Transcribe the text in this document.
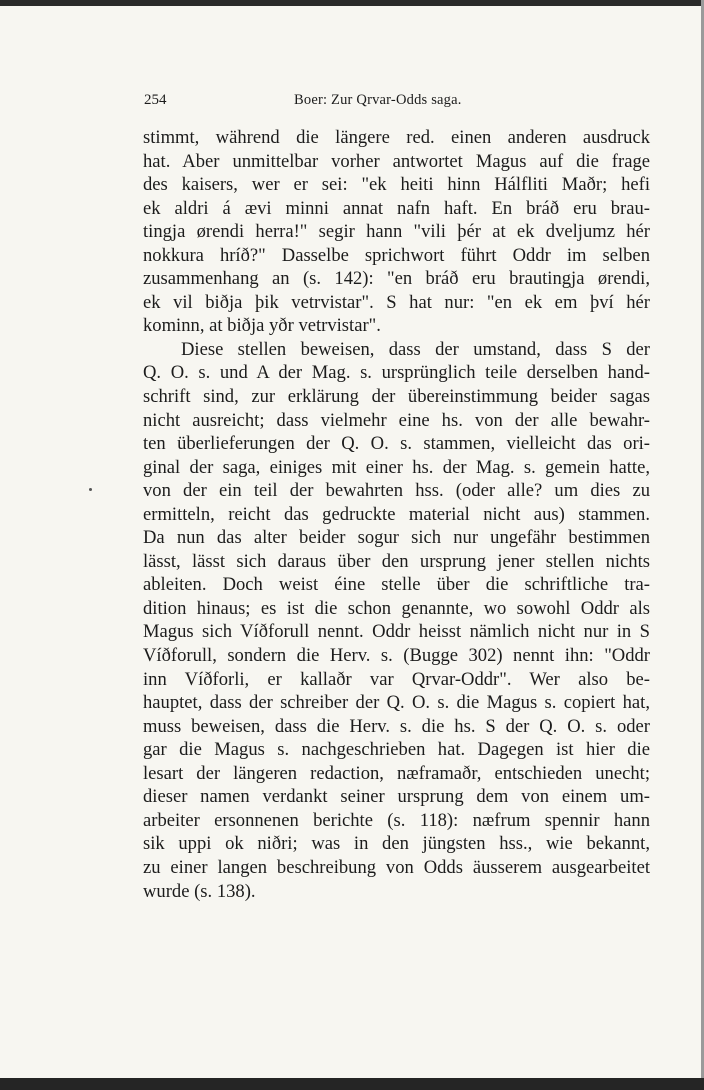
254	Boer: Zur Qrvar-Odds saga.
stimmt, während die längere red. einen anderen ausdruck
hat. Aber unmittelbar vorher antwortet Magus auf die frage
des kaisers, wer er sei: "ek heiti hinn Hálfliti Maðr; hefi
ek aldri á ævi minni annat nafn haft. En bráð eru brau-
tingja ørendi herra!" segir hann "vili þér at ek dveljumz hér
nokkura hríð?" Dasselbe sprichwort führt Oddr im selben
zusammenhang an (s. 142): "en bráð eru brautingja ørendi,
ek vil biðja þik vetrvistar". S hat nur: "en ek em því hér
kominn, at biðja yðr vetrvistar".
Diese stellen beweisen, dass der umstand, dass S der
Q. O. s. und A der Mag. s. ursprünglich teile derselben hand-
schrift sind, zur erklärung der übereinstimmung beider sagas
nicht ausreicht; dass vielmehr eine hs. von der alle bewahr-
ten überlieferungen der Q. O. s. stammen, vielleicht das ori-
ginal der saga, einiges mit einer hs. der Mag. s. gemein hatte,
von der ein teil der bewahrten hss. (oder alle? um dies zu
ermitteln, reicht das gedruckte material nicht aus) stammen.
Da nun das alter beider sogur sich nur ungefähr bestimmen
lässt, lässt sich daraus über den ursprung jener stellen nichts
ableiten. Doch weist éine stelle über die schriftliche tra-
dition hinaus; es ist die schon genannte, wo sowohl Oddr als
Magus sich Víðforull nennt. Oddr heisst nämlich nicht nur in S
Víðforull, sondern die Herv. s. (Bugge 302) nennt ihn: "Oddr
inn Víðforli, er kallaðr var Qrvar-Oddr". Wer also be-
hauptet, dass der schreiber der Q. O. s. die Magus s. copiert hat,
muss beweisen, dass die Herv. s. die hs. S der Q. O. s. oder
gar die Magus s. nachgeschrieben hat. Dagegen ist hier die
lesart der längeren redaction, næframaðr, entschieden unecht;
dieser namen verdankt seiner ursprung dem von einem um-
arbeiter ersonnenen berichte (s. 118): næfrum spennir hann
sik uppi ok niðri; was in den jüngsten hss., wie bekannt,
zu einer langen beschreibung von Odds äusserem ausgearbeitet
wurde (s. 138).
